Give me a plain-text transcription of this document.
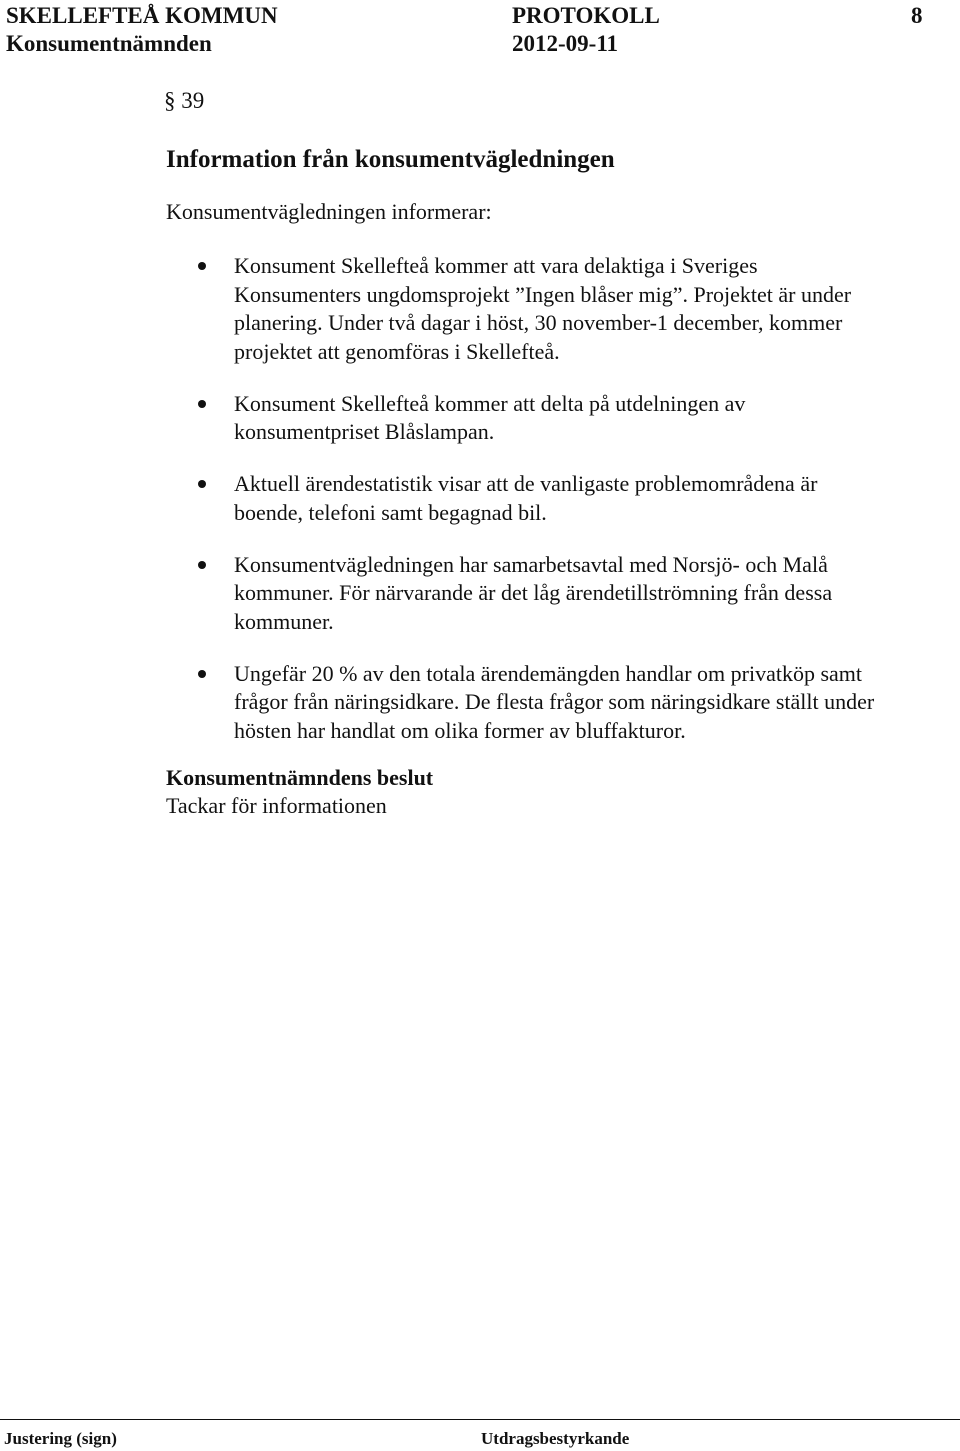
SKELLEFTEÅ KOMMUN	PROTOKOLL	8
Konsumentnämnden	2012-09-11
§ 39
Information från konsumentvägledningen
Konsumentvägledningen informerar:
Konsument Skellefteå kommer att vara delaktiga i Sveriges
Konsumenters ungdomsprojekt ”Ingen blåser mig”. Projektet är under
planering. Under två dagar i höst, 30 november-1 december, kommer
projektet att genomföras i Skellefteå.
Konsument Skellefteå kommer att delta på utdelningen av
konsumentpriset Blåslampan.
Aktuell ärendestatistik visar att de vanligaste problemområdena är
boende, telefoni samt begagnad bil.
Konsumentvägledningen har samarbetsavtal med Norsjö- och Malå
kommuner. För närvarande är det låg ärendetillströmning från dessa
kommuner.
Ungefär 20 % av den totala ärendemängden handlar om privatköp samt
frågor från näringsidkare. De flesta frågor som näringsidkare ställt under
hösten har handlat om olika former av bluffakturor.
Konsumentnämndens beslut
Tackar för informationen
Justering (sign)	Utdragsbestyrkande
